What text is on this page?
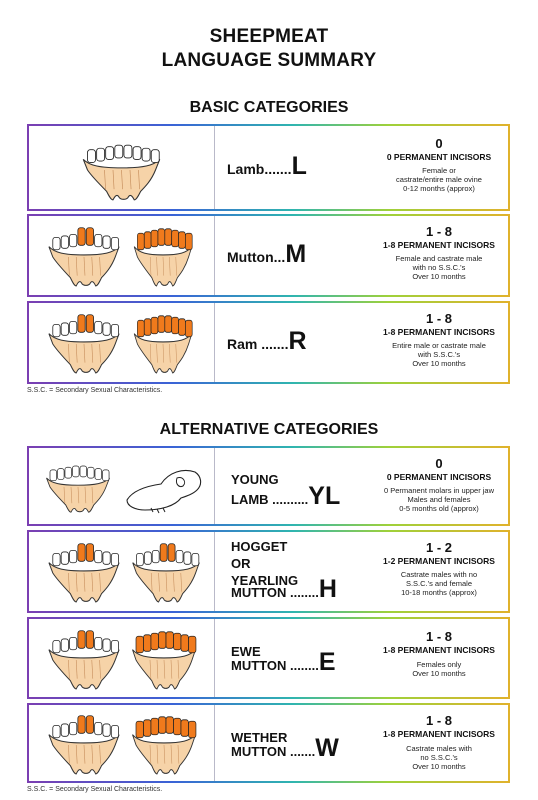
SHEEPMEAT
LANGUAGE SUMMARY
BASIC CATEGORIES
Lamb.......L
0
0 PERMANENT INCISORS
Female or
castrate/entire male ovine
0-12 months (approx)
Mutton...M
1 - 8
1-8 PERMANENT INCISORS
Female and castrate male
with no S.S.C.'s
Over 10 months
Ram .......R
1 - 8
1-8 PERMANENT INCISORS
Entire male or castrate male
with S.S.C.'s
Over 10 months
S.S.C. = Secondary Sexual Characteristics.
ALTERNATIVE CATEGORIES
YOUNG
LAMB ..........YL
0
0 PERMANENT INCISORS
0 Permanent molars in upper jaw
Males and females
0-5 months old (approx)
HOGGET
OR
YEARLING
MUTTON ........H
1 - 2
1-2 PERMANENT INCISORS
Castrate males with no
S.S.C.'s and female
10-18 months (approx)
EWE
MUTTON ........E
1 - 8
1-8 PERMANENT INCISORS
Females only
Over 10 months
WETHER
MUTTON .......W
1 - 8
1-8 PERMANENT INCISORS
Castrate males with
no S.S.C.'s
Over 10 months
S.S.C. = Secondary Sexual Characteristics.
